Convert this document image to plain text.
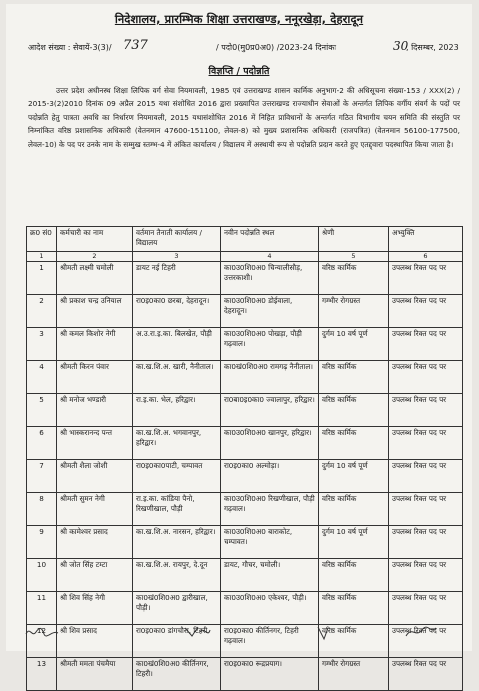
निदेशालय, प्रारम्भिक शिक्षा उत्तराखण्ड, ननूरखेड़ा, देहरादून
आदेश संख्या : सेवायें-3(3)/ 737	/ पदो0(मु0प्र0अ0) /2023-24 दिनांकः	30
, दिसम्बर, 2023
विज्ञप्ति / पदोन्नति
उत्तर प्रदेश अधीनस्थ शिक्षा लिपिक वर्ग सेवा नियमावली, 1985 एवं उत्तराखण्ड शासन कार्मिक अनुभाग-2 की अधिसूचना संख्या-153 / XXX(2) / 2015-3(2)2010 दिनांक 09 अप्रैल 2015 यथा संशोधित 2016 द्वारा प्रख्यापित उत्तराखण्ड राज्याधीन सेवाओं के अन्तर्गत लिपिक वर्गीय संवर्ग के पदों पर पदोन्नति हेतु पात्रता अवधि का निर्धारण नियमावली, 2015 यथासंशोधित 2016 में निहित प्राविधानों के अन्तर्गत गठित विभागीय चयन समिति की संस्तुति पर निम्नांकित वरिष्ठ प्रशासनिक अधिकारी (वेतनमान 47600-151100, लेवल-8) को मुख्य प्रशासनिक अधिकारी (राजपत्रित) (वेतनमान 56100-177500, लेवल-10) के पद पर उनके नाम के सम्मुख स्तम्भ-4 में अंकित कार्यालय / विद्यालय में अस्थायी रूप से पदोन्नति प्रदान करते हुए एतद्द्वारा पदस्थापित किया जाता है।
क्र0 सं0	कर्मचारी का नाम	वर्तमान तैनाती कार्यालय / विद्यालय	नवीन पदोन्नति स्थल	श्रेणी	अभ्युक्ति
1	2	3	4	5	6
1	श्रीमती लक्ष्मी चमोली	डायट नई टिहरी	का0उ0शि0अ0 चिन्यालीसौड़, उत्तरकाशी।	वरिष्ठ कार्मिक	उपलब्ध रिक्त पद पर
2	श्री प्रकाश चन्द्र उनियाल	रा0इ0का0 छरबा, देहरादून।	का0उ0शि0अ0 डोईवाला, देहरादून।	गम्भीर रोगग्रस्त	उपलब्ध रिक्त पद पर
3	श्री कमल किशोर नेगी	अ.उ.रा.इ.का. बिलखेत, पौड़ी	का0उ0शि0अ0 पोखड़ा, पौड़ी गढ़वाल।	दुर्गम 10 वर्ष पूर्ण	उपलब्ध रिक्त पद पर
4	श्रीमती किरन पंवार	का.ख.शि.अ. खारी, नैनीताल।	का0खं0शि0अ0 रामगढ़ नैनीताल।	वरिष्ठ कार्मिक	उपलब्ध रिक्त पद पर
5	श्री मनोज भण्डारी	रा.इ.का. भेल, हरिद्वार।	रा0बा0इ0का0 ज्वालापुर, हरिद्वार।	वरिष्ठ कार्मिक	उपलब्ध रिक्त पद पर
6	श्री भास्करानन्द पन्त	का.ख.शि.अ. भगवानपुर, हरिद्वार।	का0उ0शि0अ0 खानपुर, हरिद्वार।	वरिष्ठ कार्मिक	उपलब्ध रिक्त पद पर
7	श्रीमती शैला जोशी	रा0इ0का0पाटी, चम्पावत	रा0इ0का0 अल्मोड़ा।	दुर्गम 10 वर्ष पूर्ण	उपलब्ध रिक्त पद पर
8	श्रीमती सुमन नेगी	रा.इ.का. कांडिया पैनो, रिखणीखाल, पौड़ी	का0उ0शि0अ0 रिखणीखाल, पौड़ी गढ़वाल।	वरिष्ठ कार्मिक	उपलब्ध रिक्त पद पर
9	श्री कामेश्वर प्रसाद	का.ख.शि.अ. नारसन, हरिद्वार।	का0उ0शि0अ0 बाराकोट, चम्पावत।	दुर्गम 10 वर्ष पूर्ण	उपलब्ध रिक्त पद पर
10	श्री जोत सिंह टम्टा	का.ख.शि.अ. रायपुर, दे.दून	डायट, गौचर, चमोली।	वरिष्ठ कार्मिक	उपलब्ध रिक्त पद पर
11	श्री शिव सिंह नेगी	का0खं0शि0अ0 द्वारीखाल, पौड़ी।	का0उ0शि0अ0 एकेश्वर, पौड़ी।	वरिष्ठ कार्मिक	उपलब्ध रिक्त पद पर
12	श्री शिव प्रसाद	रा0इ0का0 डांगचौरा, टिहरी	रा0इ0का0 कीर्तिनगर, टिहरी गढ़वाल।	वरिष्ठ कार्मिक	उपलब्ध रिक्त पद पर
13	श्रीमती ममता पंचमैया	का0खं0शि0अ0 कीर्तिनगर, टिहरी।	रा0इ0का0 रूद्रप्रयाग।	गम्भीर रोगग्रस्त	उपलब्ध रिक्त पद पर
